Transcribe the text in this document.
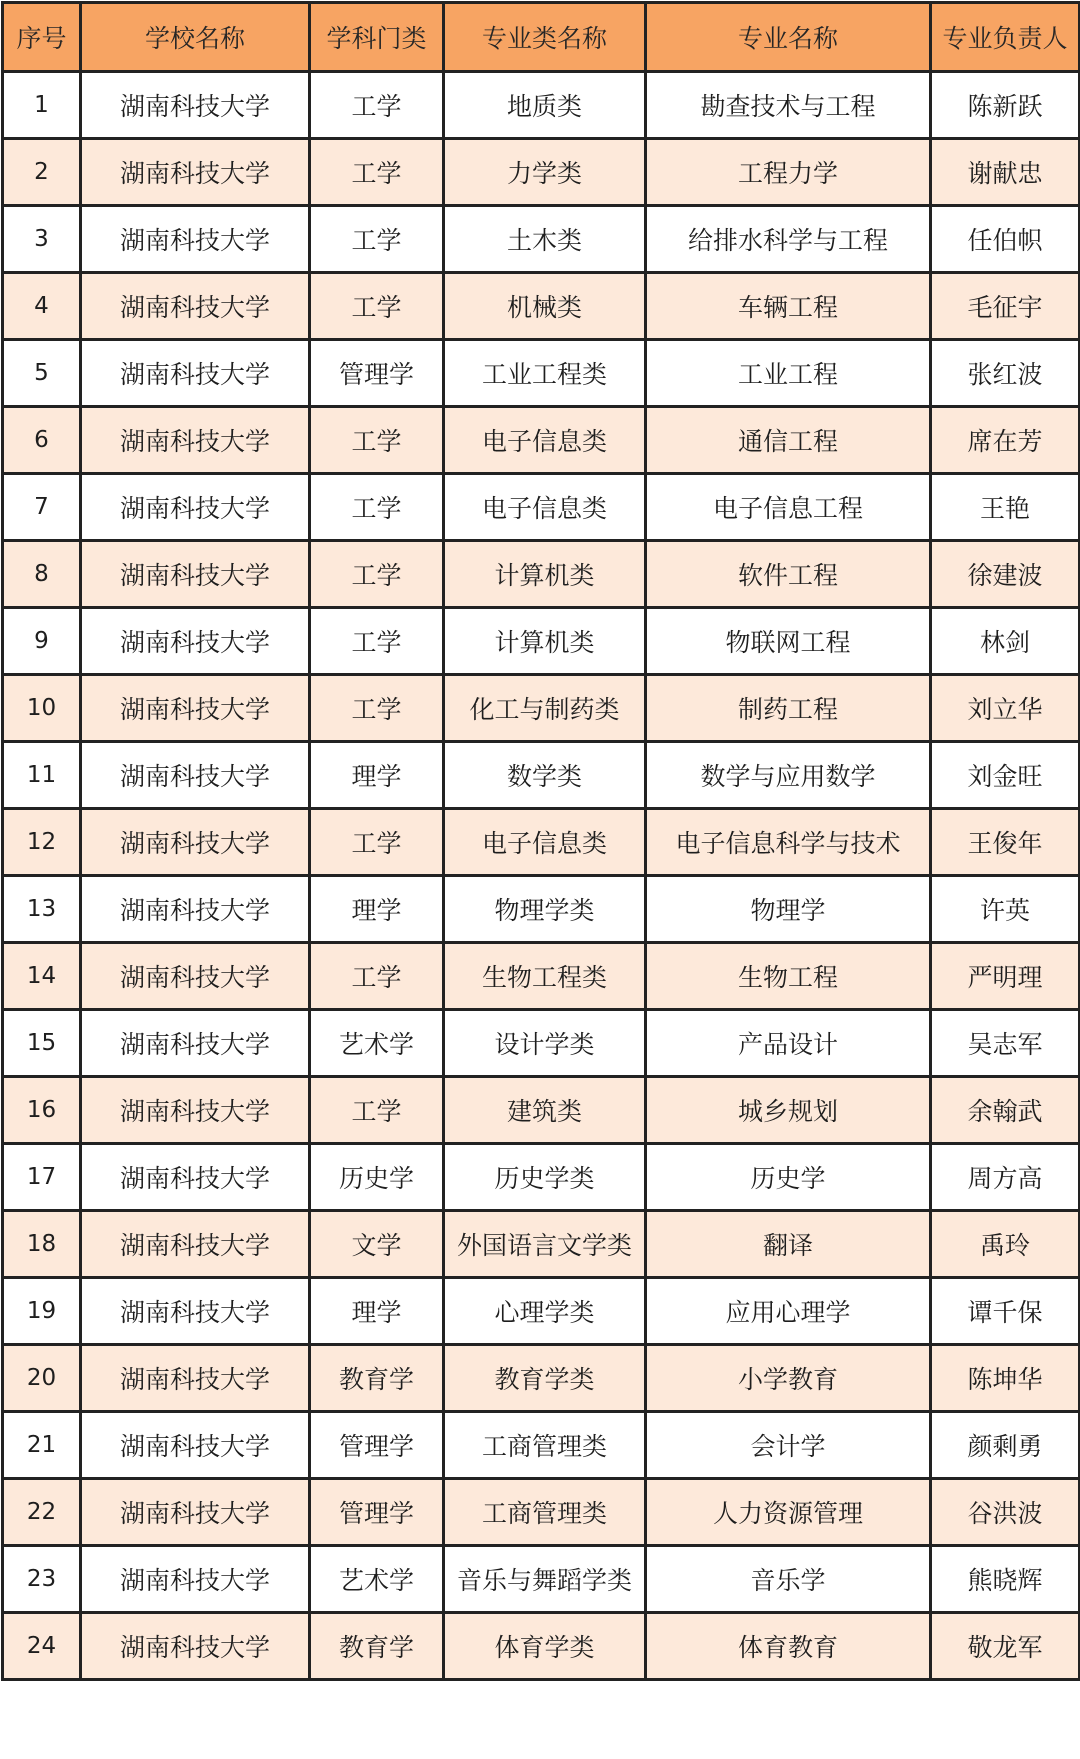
序号	学校名称	学科门类	专业类名称	专业名称	专业负责人
1	湖南科技大学	工学	地质类	勘查技术与工程	陈新跃
2	湖南科技大学	工学	力学类	工程力学	谢献忠
3	湖南科技大学	工学	土木类	给排水科学与工程	任伯帜
4	湖南科技大学	工学	机械类	车辆工程	毛征宇
5	湖南科技大学	管理学	工业工程类	工业工程	张红波
6	湖南科技大学	工学	电子信息类	通信工程	席在芳
7	湖南科技大学	工学	电子信息类	电子信息工程	王艳
8	湖南科技大学	工学	计算机类	软件工程	徐建波
9	湖南科技大学	工学	计算机类	物联网工程	林剑
10	湖南科技大学	工学	化工与制药类	制药工程	刘立华
11	湖南科技大学	理学	数学类	数学与应用数学	刘金旺
12	湖南科技大学	工学	电子信息类	电子信息科学与技术	王俊年
13	湖南科技大学	理学	物理学类	物理学	许英
14	湖南科技大学	工学	生物工程类	生物工程	严明理
15	湖南科技大学	艺术学	设计学类	产品设计	吴志军
16	湖南科技大学	工学	建筑类	城乡规划	余翰武
17	湖南科技大学	历史学	历史学类	历史学	周方高
18	湖南科技大学	文学	外国语言文学类	翻译	禹玲
19	湖南科技大学	理学	心理学类	应用心理学	谭千保
20	湖南科技大学	教育学	教育学类	小学教育	陈坤华
21	湖南科技大学	管理学	工商管理类	会计学	颜剩勇
22	湖南科技大学	管理学	工商管理类	人力资源管理	谷洪波
23	湖南科技大学	艺术学	音乐与舞蹈学类	音乐学	熊晓辉
24	湖南科技大学	教育学	体育学类	体育教育	敬龙军
